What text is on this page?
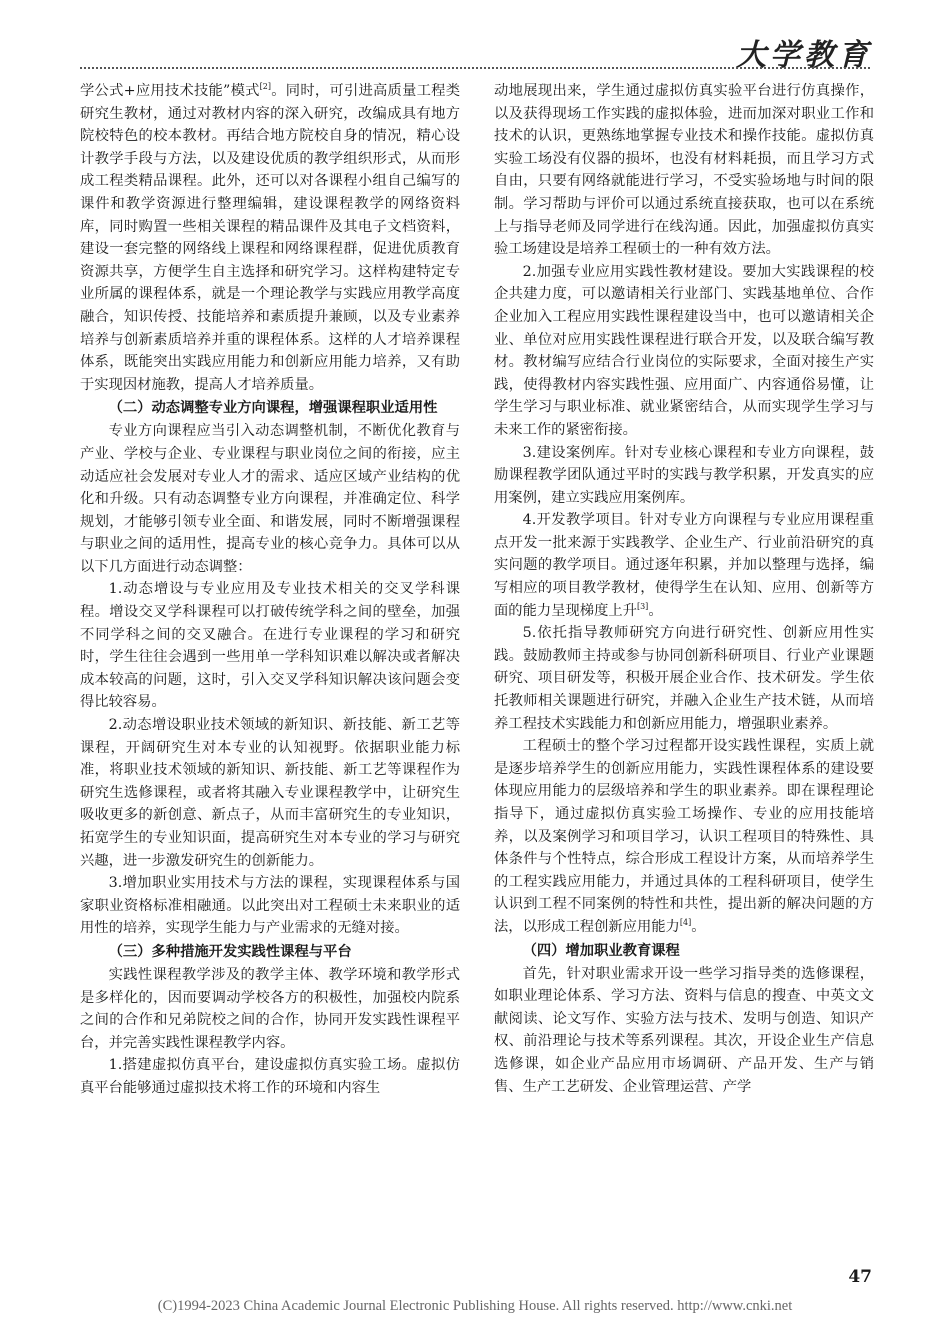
大学教育

学公式+应用技术技能”模式[2]。同时，可引进高质量工程类研究生教材，通过对教材内容的深入研究，改编成具有地方院校特色的校本教材。再结合地方院校自身的情况，精心设计教学手段与方法，以及建设优质的教学组织形式，从而形成工程类精品课程。此外，还可以对各课程小组自己编写的课件和教学资源进行整理编辑，建设课程教学的网络资料库，同时购置一些相关课程的精品课件及其电子文档资料，建设一套完整的网络线上课程和网络课程群，促进优质教育资源共享，方便学生自主选择和研究学习。这样构建特定专业所属的课程体系，就是一个理论教学与实践应用教学高度融合，知识传授、技能培养和素质提升兼顾，以及专业素养培养与创新素质培养并重的课程体系。这样的人才培养课程体系，既能突出实践应用能力和创新应用能力培养，又有助于实现因材施教，提高人才培养质量。

（二）动态调整专业方向课程，增强课程职业适用性

专业方向课程应当引入动态调整机制，不断优化教育与产业、学校与企业、专业课程与职业岗位之间的衔接，应主动适应社会发展对专业人才的需求、适应区域产业结构的优化和升级。只有动态调整专业方向课程，并准确定位、科学规划，才能够引领专业全面、和谐发展，同时不断增强课程与职业之间的适用性，提高专业的核心竞争力。具体可以从以下几方面进行动态调整：

1.动态增设与专业应用及专业技术相关的交叉学科课程。增设交叉学科课程可以打破传统学科之间的壁垒，加强不同学科之间的交叉融合。在进行专业课程的学习和研究时，学生往往会遇到一些用单一学科知识难以解决或者解决成本较高的问题，这时，引入交叉学科知识解决该问题会变得比较容易。

2.动态增设职业技术领域的新知识、新技能、新工艺等课程，开阔研究生对本专业的认知视野。依据职业能力标准，将职业技术领域的新知识、新技能、新工艺等课程作为研究生选修课程，或者将其融入专业课程教学中，让研究生吸收更多的新创意、新点子，从而丰富研究生的专业知识，拓宽学生的专业知识面，提高研究生对本专业的学习与研究兴趣，进一步激发研究生的创新能力。

3.增加职业实用技术与方法的课程，实现课程体系与国家职业资格标准相融通。以此突出对工程硕士未来职业的适用性的培养，实现学生能力与产业需求的无缝对接。

（三）多种措施开发实践性课程与平台

实践性课程教学涉及的教学主体、教学环境和教学形式是多样化的，因而要调动学校各方的积极性，加强校内院系之间的合作和兄弟院校之间的合作，协同开发实践性课程平台，并完善实践性课程教学内容。

1.搭建虚拟仿真平台，建设虚拟仿真实验工场。虚拟仿真平台能够通过虚拟技术将工作的环境和内容生

动地展现出来，学生通过虚拟仿真实验平台进行仿真操作，以及获得现场工作实践的虚拟体验，进而加深对职业工作和技术的认识，更熟练地掌握专业技术和操作技能。虚拟仿真实验工场没有仪器的损坏，也没有材料耗损，而且学习方式自由，只要有网络就能进行学习，不受实验场地与时间的限制。学习帮助与评价可以通过系统直接获取，也可以在系统上与指导老师及同学进行在线沟通。因此，加强虚拟仿真实验工场建设是培养工程硕士的一种有效方法。

2.加强专业应用实践性教材建设。要加大实践课程的校企共建力度，可以邀请相关行业部门、实践基地单位、合作企业加入工程应用实践性课程建设当中，也可以邀请相关企业、单位对应用实践性课程进行联合开发，以及联合编写教材。教材编写应结合行业岗位的实际要求，全面对接生产实践，使得教材内容实践性强、应用面广、内容通俗易懂，让学生学习与职业标准、就业紧密结合，从而实现学生学习与未来工作的紧密衔接。

3.建设案例库。针对专业核心课程和专业方向课程，鼓励课程教学团队通过平时的实践与教学积累，开发真实的应用案例，建立实践应用案例库。

4.开发教学项目。针对专业方向课程与专业应用课程重点开发一批来源于实践教学、企业生产、行业前沿研究的真实问题的教学项目。通过逐年积累，并加以整理与选择，编写相应的项目教学教材，使得学生在认知、应用、创新等方面的能力呈现梯度上升[3]。

5.依托指导教师研究方向进行研究性、创新应用性实践。鼓励教师主持或参与协同创新科研项目、行业产业课题研究、项目研发等，积极开展企业合作、技术研发。学生依托教师相关课题进行研究，并融入企业生产技术链，从而培养工程技术实践能力和创新应用能力，增强职业素养。

工程硕士的整个学习过程都开设实践性课程，实质上就是逐步培养学生的创新应用能力，实践性课程体系的建设要体现应用能力的层级培养和学生的职业素养。即在课程理论指导下，通过虚拟仿真实验工场操作、专业的应用技能培养，以及案例学习和项目学习，认识工程项目的特殊性、具体条件与个性特点，综合形成工程设计方案，从而培养学生的工程实践应用能力，并通过具体的工程科研项目，使学生认识到工程不同案例的特性和共性，提出新的解决问题的方法，以形成工程创新应用能力[4]。

（四）增加职业教育课程

首先，针对职业需求开设一些学习指导类的选修课程，如职业理论体系、学习方法、资料与信息的搜查、中英文文献阅读、论文写作、实验方法与技术、发明与创造、知识产权、前沿理论与技术等系列课程。其次，开设企业生产信息选修课，如企业产品应用市场调研、产品开发、生产与销售、生产工艺研发、企业管理运营、产学

47
(C)1994-2023 China Academic Journal Electronic Publishing House. All rights reserved. http://www.cnki.net
